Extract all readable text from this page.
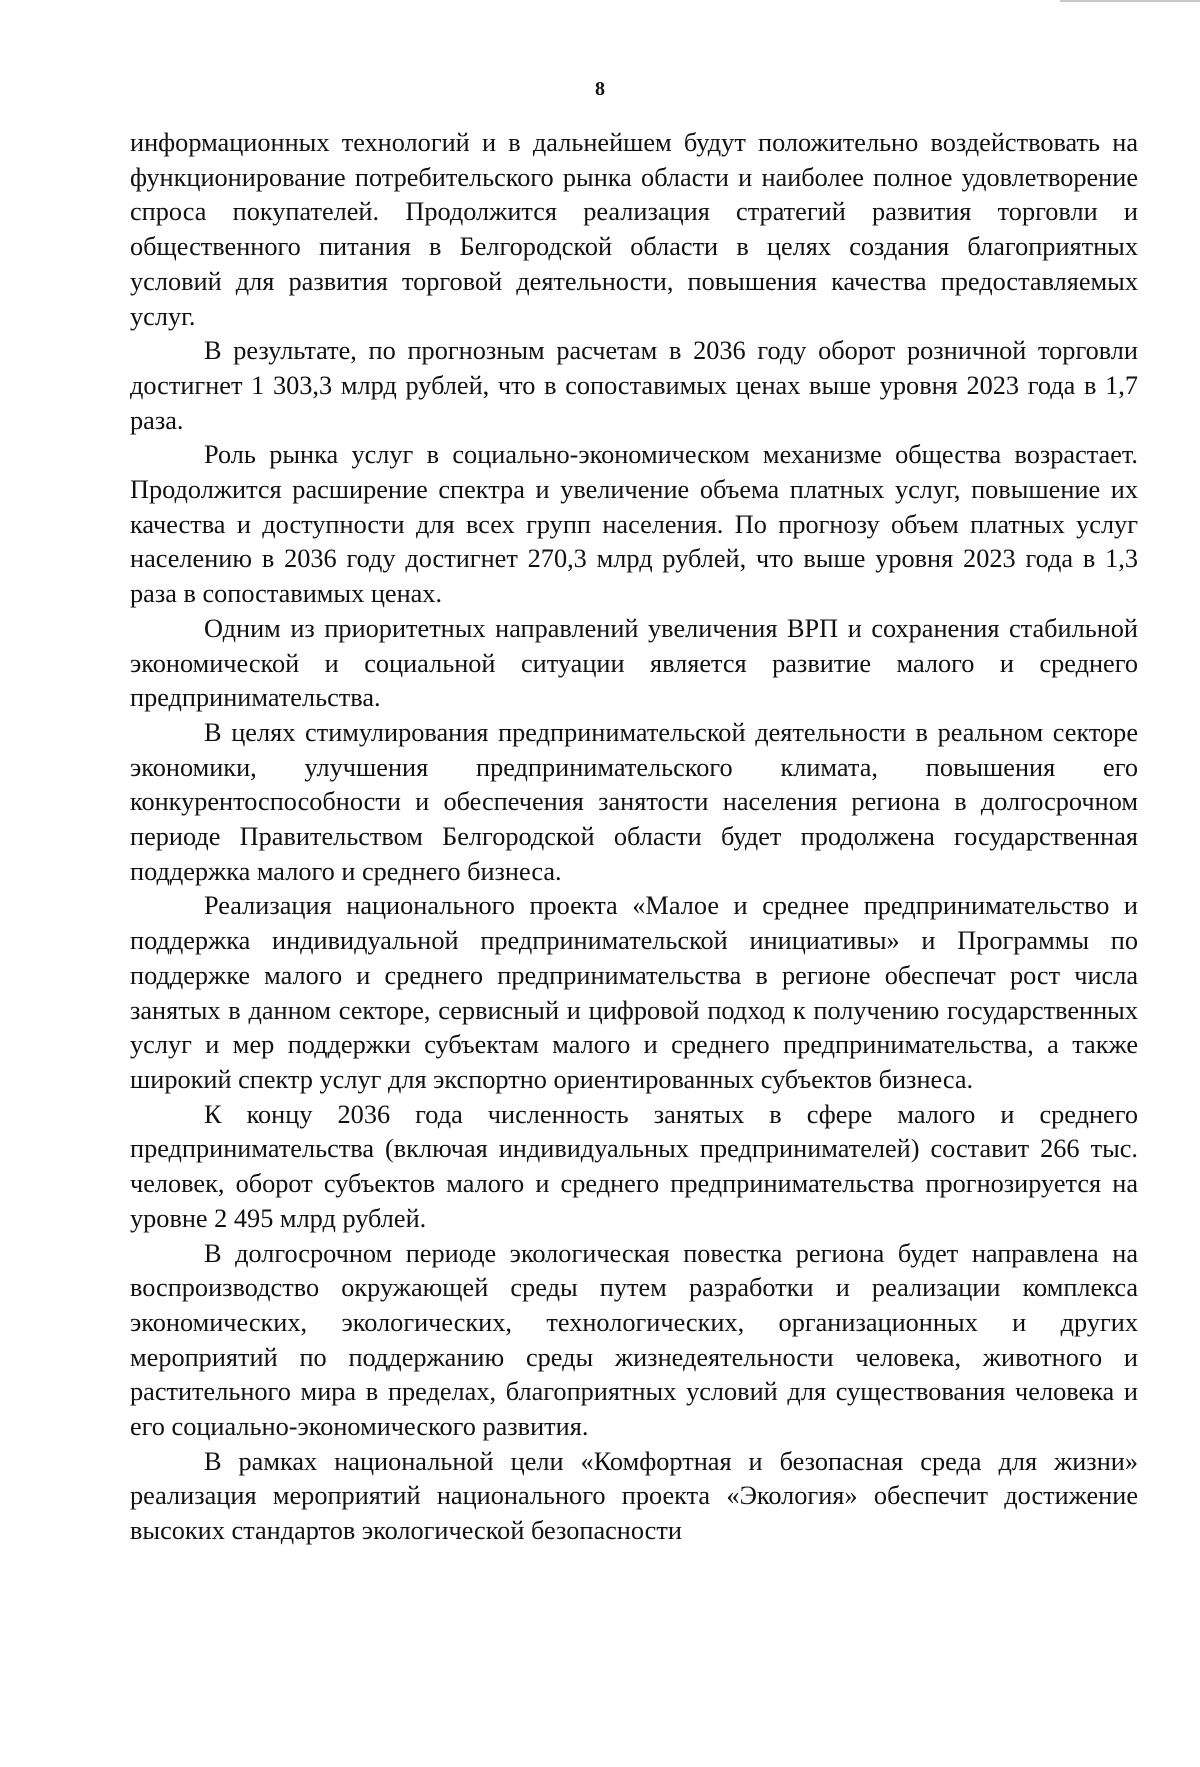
8

информационных технологий и в дальнейшем будут положительно воздействовать на функционирование потребительского рынка области и наиболее полное удовлетворение спроса покупателей. Продолжится реализация стратегий развития торговли и общественного питания в Белгородской области в целях создания благоприятных условий для развития торговой деятельности, повышения качества предоставляемых услуг.

В результате, по прогнозным расчетам в 2036 году оборот розничной торговли достигнет 1 303,3 млрд рублей, что в сопоставимых ценах выше уровня 2023 года в 1,7 раза.

Роль рынка услуг в социально-экономическом механизме общества возрастает. Продолжится расширение спектра и увеличение объема платных услуг, повышение их качества и доступности для всех групп населения. По прогнозу объем платных услуг населению в 2036 году достигнет 270,3 млрд рублей, что выше уровня 2023 года в 1,3 раза в сопоставимых ценах.

Одним из приоритетных направлений увеличения ВРП и сохранения стабильной экономической и социальной ситуации является развитие малого и среднего предпринимательства.

В целях стимулирования предпринимательской деятельности в реальном секторе экономики, улучшения предпринимательского климата, повышения его конкурентоспособности и обеспечения занятости населения региона в долгосрочном периоде Правительством Белгородской области будет продолжена государственная поддержка малого и среднего бизнеса.

Реализация национального проекта «Малое и среднее предпринимательство и поддержка индивидуальной предпринимательской инициативы» и Программы по поддержке малого и среднего предпринимательства в регионе обеспечат рост числа занятых в данном секторе, сервисный и цифровой подход к получению государственных услуг и мер поддержки субъектам малого и среднего предпринимательства, а также широкий спектр услуг для экспортно ориентированных субъектов бизнеса.

К концу 2036 года численность занятых в сфере малого и среднего предпринимательства (включая индивидуальных предпринимателей) составит 266 тыс. человек, оборот субъектов малого и среднего предпринимательства прогнозируется на уровне 2 495 млрд рублей.

В долгосрочном периоде экологическая повестка региона будет направлена на воспроизводство окружающей среды путем разработки и реализации комплекса экономических, экологических, технологических, организационных и других мероприятий по поддержанию среды жизнедеятельности человека, животного и растительного мира в пределах, благоприятных условий для существования человека и его социально-экономического развития.

В рамках национальной цели «Комфортная и безопасная среда для жизни» реализация мероприятий национального проекта «Экология» обеспечит достижение высоких стандартов экологической безопасности
